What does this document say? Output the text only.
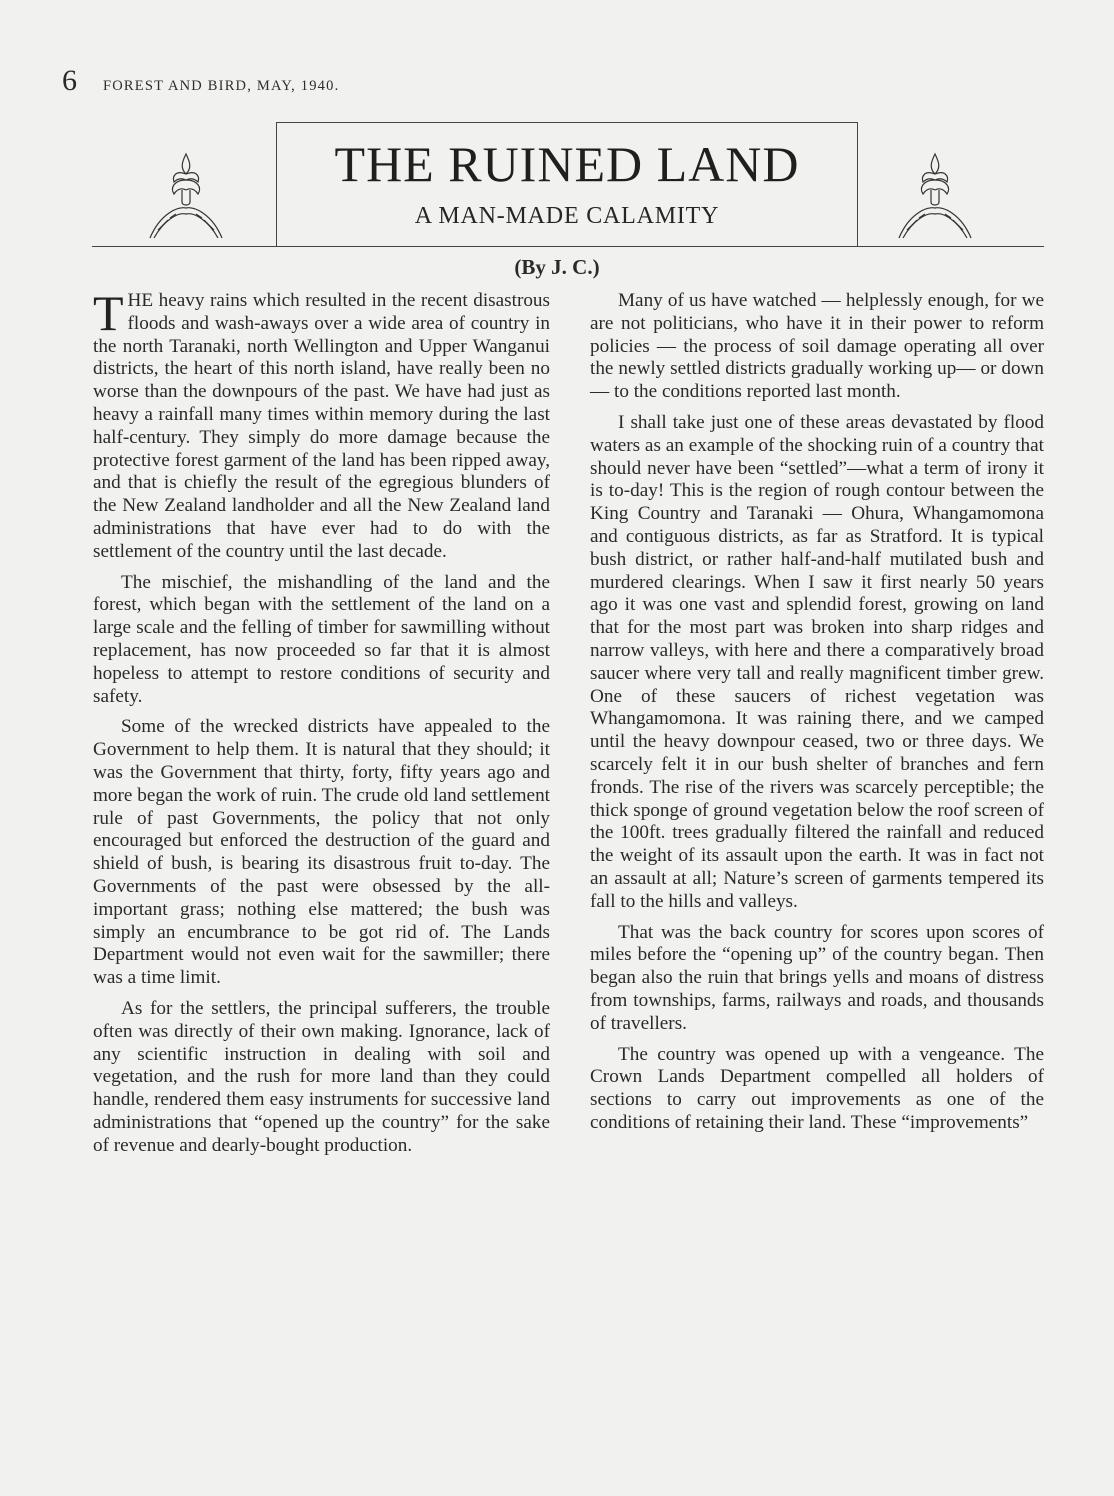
6 FOREST AND BIRD, MAY, 1940.
THE RUINED LAND
A MAN-MADE CALAMITY
(By J. C.)

THE heavy rains which resulted in the recent disastrous floods and wash-aways over a wide area of country in the north Taranaki, north Wellington and Upper Wanganui districts, the heart of this north island, have really been no worse than the downpours of the past. We have had just as heavy a rainfall many times within memory during the last half-century. They simply do more damage because the protective forest garment of the land has been ripped away, and that is chiefly the result of the egregious blunders of the New Zealand landholder and all the New Zealand land administrations that have ever had to do with the settlement of the country until the last decade.

The mischief, the mishandling of the land and the forest, which began with the settlement of the land on a large scale and the felling of timber for sawmilling without replacement, has now proceeded so far that it is almost hopeless to attempt to restore conditions of security and safety.

Some of the wrecked districts have appealed to the Government to help them. It is natural that they should; it was the Government that thirty, forty, fifty years ago and more began the work of ruin. The crude old land settlement rule of past Governments, the policy that not only encouraged but enforced the destruction of the guard and shield of bush, is bearing its disastrous fruit to-day. The Governments of the past were obsessed by the all-important grass; nothing else mattered; the bush was simply an encumbrance to be got rid of. The Lands Department would not even wait for the sawmiller; there was a time limit.

As for the settlers, the principal sufferers, the trouble often was directly of their own making. Ignorance, lack of any scientific instruction in dealing with soil and vegetation, and the rush for more land than they could handle, rendered them easy instruments for successive land administrations that “opened up the country” for the sake of revenue and dearly-bought production.

Many of us have watched — helplessly enough, for we are not politicians, who have it in their power to reform policies — the process of soil damage operating all over the newly settled districts gradually working up— or down — to the conditions reported last month.

I shall take just one of these areas devastated by flood waters as an example of the shocking ruin of a country that should never have been “settled”—what a term of irony it is to-day! This is the region of rough contour between the King Country and Taranaki — Ohura, Whangamomona and contiguous districts, as far as Stratford. It is typical bush district, or rather half-and-half mutilated bush and murdered clearings. When I saw it first nearly 50 years ago it was one vast and splendid forest, growing on land that for the most part was broken into sharp ridges and narrow valleys, with here and there a comparatively broad saucer where very tall and really magnificent timber grew. One of these saucers of richest vegetation was Whangamomona. It was raining there, and we camped until the heavy downpour ceased, two or three days. We scarcely felt it in our bush shelter of branches and fern fronds. The rise of the rivers was scarcely perceptible; the thick sponge of ground vegetation below the roof screen of the 100ft. trees gradually filtered the rainfall and reduced the weight of its assault upon the earth. It was in fact not an assault at all; Nature’s screen of garments tempered its fall to the hills and valleys.

That was the back country for scores upon scores of miles before the “opening up” of the country began. Then began also the ruin that brings yells and moans of distress from townships, farms, railways and roads, and thousands of travellers.

The country was opened up with a vengeance. The Crown Lands Department compelled all holders of sections to carry out improvements as one of the conditions of retaining their land. These “improvements”
